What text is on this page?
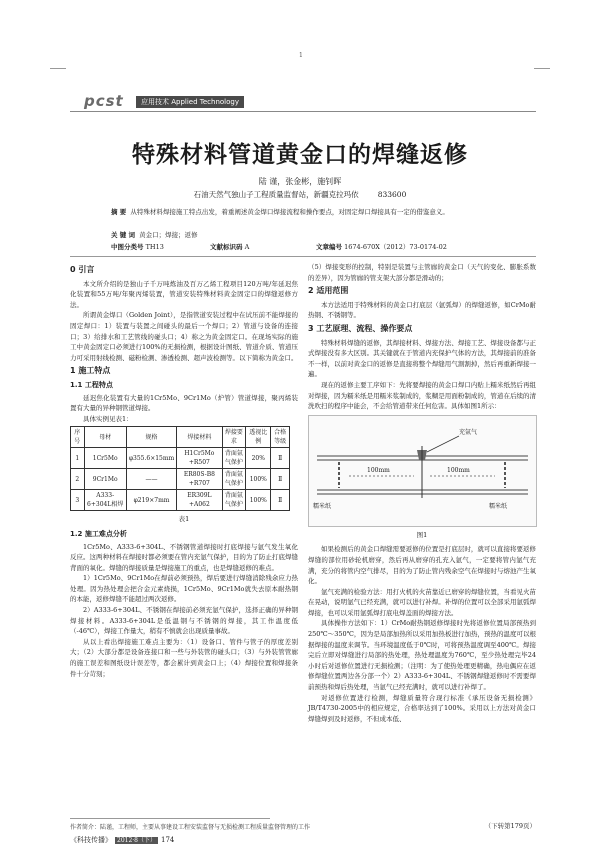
1
pcst	应用技术 Applied Technology
特殊材料管道黄金口的焊缝返修
陆 谨，张金彬，施钊晖
石油天然气独山子工程质量监督站，新疆克拉玛依	833600
摘 要 从特殊材料焊接施工特点出发，着重阐述黄金焊口焊接流程和操作要点，对固定焊口焊接具有一定的借鉴意义。
关 键 词 黄金口；焊接；返修
中图分类号 TH13	文献标识码 A	文章编号 1674-670X（2012）73-0174-02
0 引言

本文所介绍的是独山子千万吨炼油及百万乙烯工程项目120万吨/年延迟焦化装置和55万吨/年聚丙烯装置，管道安装特殊材料黄金固定口的焊缝返修方法。

所谓黄金焊口（Golden Joint），是指管道安装过程中在试压前不能焊接的固定焊口：1）装置与装置之间碰头的最后一个焊口；2）管道与设备的连接口；3）给排水和工艺管线的碰头口；4）称之为黄金固定口。在现场实际的施工中黄金固定口必须进行100%的无损检测，根据设计图纸、管道介质、管道压力可采用射线检测、磁粉检测、渗透检测、超声波检测等。以下简称为黄金口。

1 施工特点
1.1 工程特点

延迟焦化装置有大量的1Cr5Mo、9Cr1Mo（炉管）管道焊接，聚丙烯装置有大量的异种钢管道焊接。

具体实例见表1：

序号	母材	规格	焊接材料	焊接要求	透视比例	合格等级
1	1Cr5Mo	φ355.6×15mm	H1Cr5Mo +R507	背面氩气保护	20%	Ⅱ
2	9Cr1Mo	——	ER80S-B8 +R707	背面氩气保护	100%	Ⅱ
3	A333-6+304L相焊	φ219×7mm	ER309L +A062	背面氩气保护	100%	Ⅱ
表1
1.2 施工难点分析

1Cr5Mo、A333-6+304L、不锈钢管道焊接时打底焊接与氩气发生氧化反应。这两种材料在焊接时都必须要在管内充氩气保护，目的为了防止打底焊缝背面的氧化。焊缝的焊接质量是焊接施工的重点，也是焊缝返修的难点。

1）1Cr5Mo、9Cr1Mo在焊前必须预热，焊后要进行焊缝消除残余应力热处理。因为热处理会把合金元素烧损，1Cr5Mo、9Cr1Mo就失去原本耐热钢的本能，返修焊缝不能超过两次返修。

2）A333-6+304L、不锈钢在焊接前必须充氩气保护，选择正确的异种钢焊接材料。A333-6+304L是低温钢与不锈钢的焊接，其工作温度低（-46℃），焊接工作量大，稍有不慎就会出现质量事故。

从以上看出焊接施工难点主要为：（1）设备口、管件与管子的厚度差别大；（2）大部分都是设备连接口和一些与外装管的碰头口；（3）与外装管管廊的施工误差和图纸设计误差等，都会累计到黄金口上；（4）焊接位置和焊接条件十分苛刻；

（5）焊接变形的控制，特别是装置与主管廊的黄金口（天气的变化、膨胀系数的差异），因为管廊的管支架大部分都是滑动的；

2 适用范围

本方法适用于特殊材料的黄金口打底层（氩弧焊）的焊缝返修，如CrMo耐热钢、不锈钢等。

3 工艺原理、流程、操作要点

特殊材料焊缝的返修，其焊接材料、焊接方法、焊接工艺、焊接设备都与正式焊接没有多大区别。其关键就在于管道内充保护气体的方法，其焊接前的准备不一样，以前对黄金口的返修是直接将整个焊缝用气割割掉，然后再重新焊接一遍。

现在的返修主要工序如下：先将要焊接的黄金口焊口内贴上糯米纸然后再组对焊接，因为糯米纸是用糯米浆制成的，浆糊是用面粉制成的，管道在后续的清洗吹扫的程序中能会，不会给管道带来任何危害。具体如图1所示：

糯米纸
100mm	100mm
糯米纸
充氩气
图1

如果检测后的黄金口焊缝需要返修的位置是打底层时，就可以直接将要返修焊缝的部位用砂轮机磨穿，然后再从磨穿的孔充入氩气，一定要将管内氩气充满，充分的将管内空气排尽，目的为了防止管内残余空气在焊接时与熔池产生氧化。

氩气充满的检验方法：用打火机的火苗靠近已磨穿的焊缝位置，当看见火苗在晃动，说明氩气已经充满，就可以进行补焊。补焊的位置可以全部采用氩弧焊焊接，也可以采用氩弧焊打底电焊盖面的焊接方法。

具体操作方法如下：1）CrMo耐热钢返修焊接时先将返修位置局部预热到250℃～350℃，因为是局部加热所以采用加热板进行加热，预热的温度可以根据焊接的温度来调节。当环境温度低于0℃时，可将预热温度调至400℃。焊接完后立即对焊缝进行局部的热处理，热处理温度为760℃，至少热处理完毕24小时后对返修位置进行无损检测；（注明：为了使热处理更精确，热电偶应在返修焊缝位置两边各分部一个）2）A333-6+304L、不锈钢焊缝返修时不需要焊前预热和焊后热处理，当氩气已经充满时，就可以进行补焊了。

对返修位置进行检测，焊缝质量符合现行标准《承压设备无损检测》JB/T4730-2005中的相应规定，合格率达到了100%。采用以上方法对黄金口焊缝焊到及时返修，不但成本低、

作者简介：陆谨，工程师，主要从事建设工程安装监督与无损检测工程质量监督管理的工作	（下转第179页）
《科技传播》 2012·8（下） 174
